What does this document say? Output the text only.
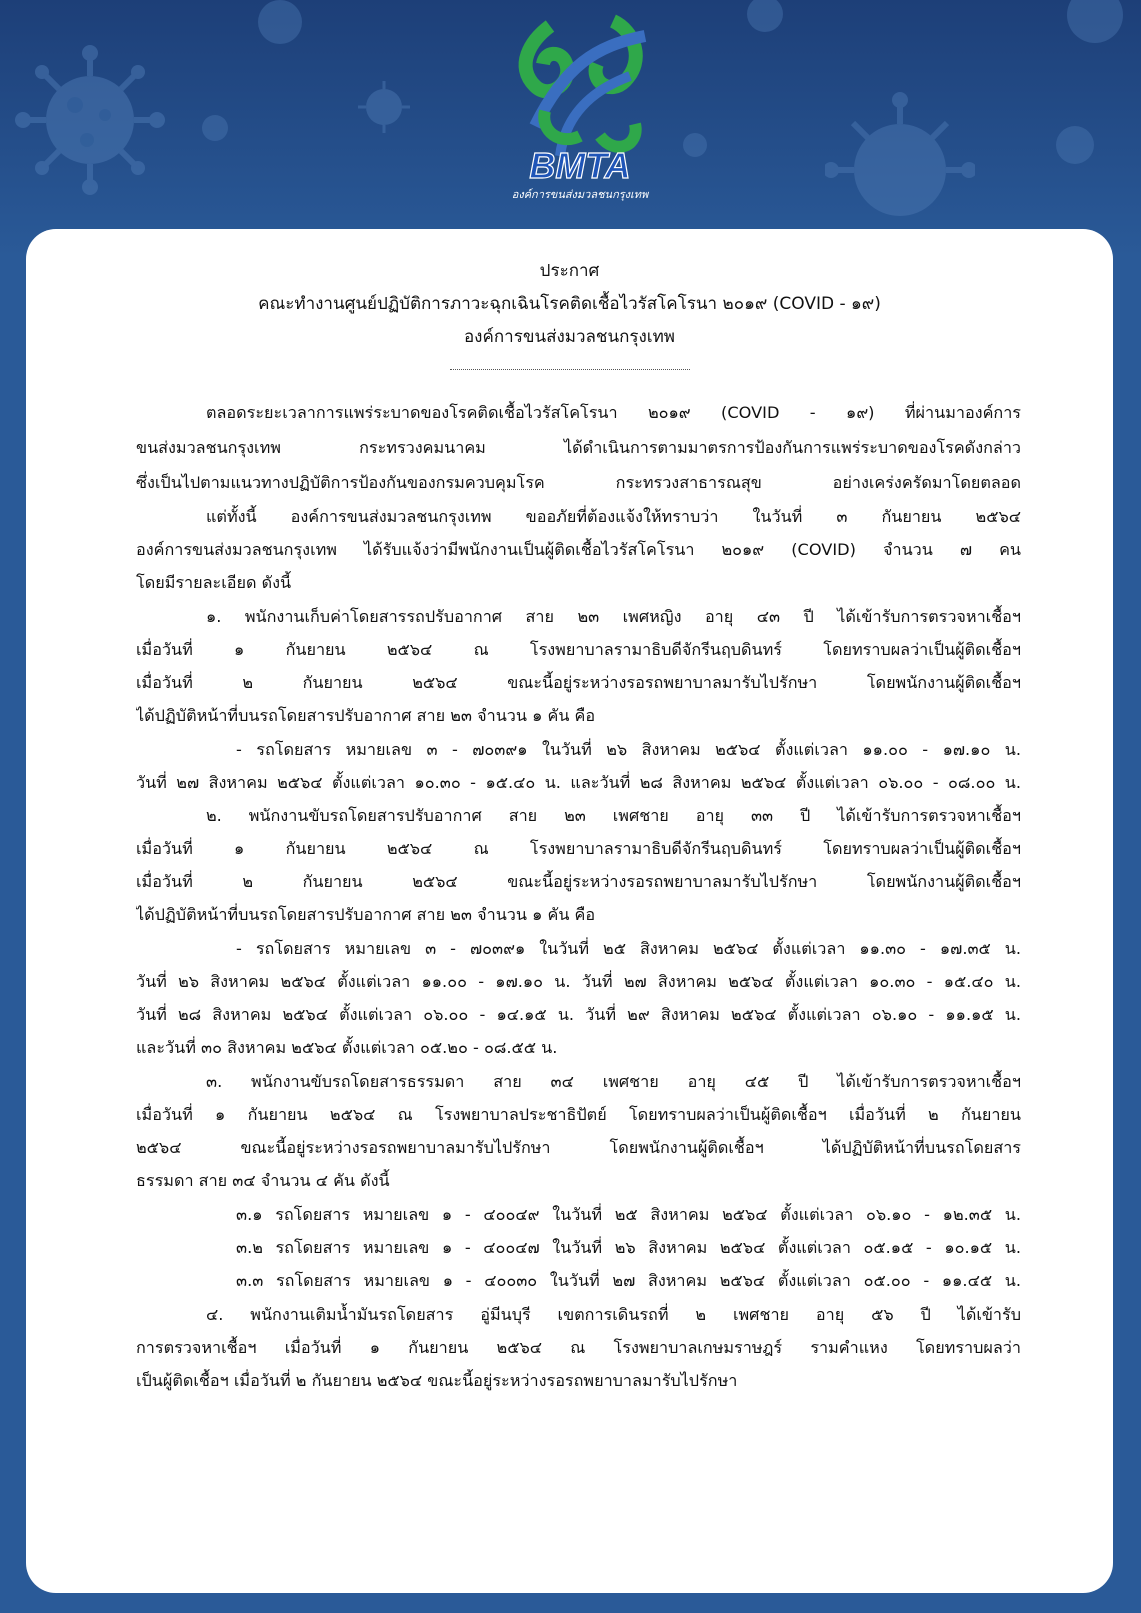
BMTA
องค์การขนส่งมวลชนกรุงเทพ
ประกาศ
คณะทำงานศูนย์ปฏิบัติการภาวะฉุกเฉินโรคติดเชื้อไวรัสโคโรนา ๒๐๑๙ (COVID - ๑๙)
องค์การขนส่งมวลชนกรุงเทพ
ตลอดระยะเวลาการแพร่ระบาดของโรคติดเชื้อไวรัสโคโรนา ๒๐๑๙ (COVID - ๑๙) ที่ผ่านมาองค์การ
ขนส่งมวลชนกรุงเทพ กระทรวงคมนาคม ได้ดำเนินการตามมาตรการป้องกันการแพร่ระบาดของโรคดังกล่าว
ซึ่งเป็นไปตามแนวทางปฏิบัติการป้องกันของกรมควบคุมโรค กระทรวงสาธารณสุข อย่างเคร่งครัดมาโดยตลอด
แต่ทั้งนี้ องค์การขนส่งมวลชนกรุงเทพ ขออภัยที่ต้องแจ้งให้ทราบว่า ในวันที่ ๓ กันยายน ๒๕๖๔
องค์การขนส่งมวลชนกรุงเทพ ได้รับแจ้งว่ามีพนักงานเป็นผู้ติดเชื้อไวรัสโคโรนา ๒๐๑๙ (COVID) จำนวน ๗ คน
โดยมีรายละเอียด ดังนี้
๑. พนักงานเก็บค่าโดยสารรถปรับอากาศ สาย ๒๓ เพศหญิง อายุ ๔๓ ปี ได้เข้ารับการตรวจหาเชื้อฯ
เมื่อวันที่ ๑ กันยายน ๒๕๖๔ ณ โรงพยาบาลรามาธิบดีจักรีนฤบดินทร์ โดยทราบผลว่าเป็นผู้ติดเชื้อฯ
เมื่อวันที่ ๒ กันยายน ๒๕๖๔ ขณะนี้อยู่ระหว่างรอรถพยาบาลมารับไปรักษา โดยพนักงานผู้ติดเชื้อฯ
ได้ปฏิบัติหน้าที่บนรถโดยสารปรับอากาศ สาย ๒๓ จำนวน ๑ คัน คือ
- รถโดยสาร หมายเลข ๓ - ๗๐๓๙๑ ในวันที่ ๒๖ สิงหาคม ๒๕๖๔ ตั้งแต่เวลา ๑๑.๐๐ - ๑๗.๑๐ น.
วันที่ ๒๗ สิงหาคม ๒๕๖๔ ตั้งแต่เวลา ๑๐.๓๐ - ๑๕.๔๐ น. และวันที่ ๒๘ สิงหาคม ๒๕๖๔ ตั้งแต่เวลา ๐๖.๐๐ - ๐๘.๐๐ น.
๒. พนักงานขับรถโดยสารปรับอากาศ สาย ๒๓ เพศชาย อายุ ๓๓ ปี ได้เข้ารับการตรวจหาเชื้อฯ
เมื่อวันที่ ๑ กันยายน ๒๕๖๔ ณ โรงพยาบาลรามาธิบดีจักรีนฤบดินทร์ โดยทราบผลว่าเป็นผู้ติดเชื้อฯ
เมื่อวันที่ ๒ กันยายน ๒๕๖๔ ขณะนี้อยู่ระหว่างรอรถพยาบาลมารับไปรักษา โดยพนักงานผู้ติดเชื้อฯ
ได้ปฏิบัติหน้าที่บนรถโดยสารปรับอากาศ สาย ๒๓ จำนวน ๑ คัน คือ
- รถโดยสาร หมายเลข ๓ - ๗๐๓๙๑ ในวันที่ ๒๕ สิงหาคม ๒๕๖๔ ตั้งแต่เวลา ๑๑.๓๐ - ๑๗.๓๕ น.
วันที่ ๒๖ สิงหาคม ๒๕๖๔ ตั้งแต่เวลา ๑๑.๐๐ - ๑๗.๑๐ น. วันที่ ๒๗ สิงหาคม ๒๕๖๔ ตั้งแต่เวลา ๑๐.๓๐ - ๑๕.๔๐ น.
วันที่ ๒๘ สิงหาคม ๒๕๖๔ ตั้งแต่เวลา ๐๖.๐๐ - ๑๔.๑๕ น. วันที่ ๒๙ สิงหาคม ๒๕๖๔ ตั้งแต่เวลา ๐๖.๑๐ - ๑๑.๑๕ น.
และวันที่ ๓๐ สิงหาคม ๒๕๖๔ ตั้งแต่เวลา ๐๕.๒๐ - ๐๘.๕๕ น.
๓. พนักงานขับรถโดยสารธรรมดา สาย ๓๔ เพศชาย อายุ ๔๕ ปี ได้เข้ารับการตรวจหาเชื้อฯ
เมื่อวันที่ ๑ กันยายน ๒๕๖๔ ณ โรงพยาบาลประชาธิปัตย์ โดยทราบผลว่าเป็นผู้ติดเชื้อฯ เมื่อวันที่ ๒ กันยายน
๒๕๖๔ ขณะนี้อยู่ระหว่างรอรถพยาบาลมารับไปรักษา โดยพนักงานผู้ติดเชื้อฯ ได้ปฏิบัติหน้าที่บนรถโดยสาร
ธรรมดา สาย ๓๔ จำนวน ๔ คัน ดังนี้
๓.๑ รถโดยสาร หมายเลข ๑ - ๔๐๐๔๙ ในวันที่ ๒๕ สิงหาคม ๒๕๖๔ ตั้งแต่เวลา ๐๖.๑๐ - ๑๒.๓๕ น.
๓.๒ รถโดยสาร หมายเลข ๑ - ๔๐๐๔๗ ในวันที่ ๒๖ สิงหาคม ๒๕๖๔ ตั้งแต่เวลา ๐๕.๑๕ - ๑๐.๑๕ น.
๓.๓ รถโดยสาร หมายเลข ๑ - ๔๐๐๓๐ ในวันที่ ๒๗ สิงหาคม ๒๕๖๔ ตั้งแต่เวลา ๐๕.๐๐ - ๑๑.๔๕ น.
๔. พนักงานเติมน้ำมันรถโดยสาร อู่มีนบุรี เขตการเดินรถที่ ๒ เพศชาย อายุ ๕๖ ปี ได้เข้ารับ
การตรวจหาเชื้อฯ เมื่อวันที่ ๑ กันยายน ๒๕๖๔ ณ โรงพยาบาลเกษมราษฎร์ รามคำแหง โดยทราบผลว่า
เป็นผู้ติดเชื้อฯ เมื่อวันที่ ๒ กันยายน ๒๕๖๔ ขณะนี้อยู่ระหว่างรอรถพยาบาลมารับไปรักษา
